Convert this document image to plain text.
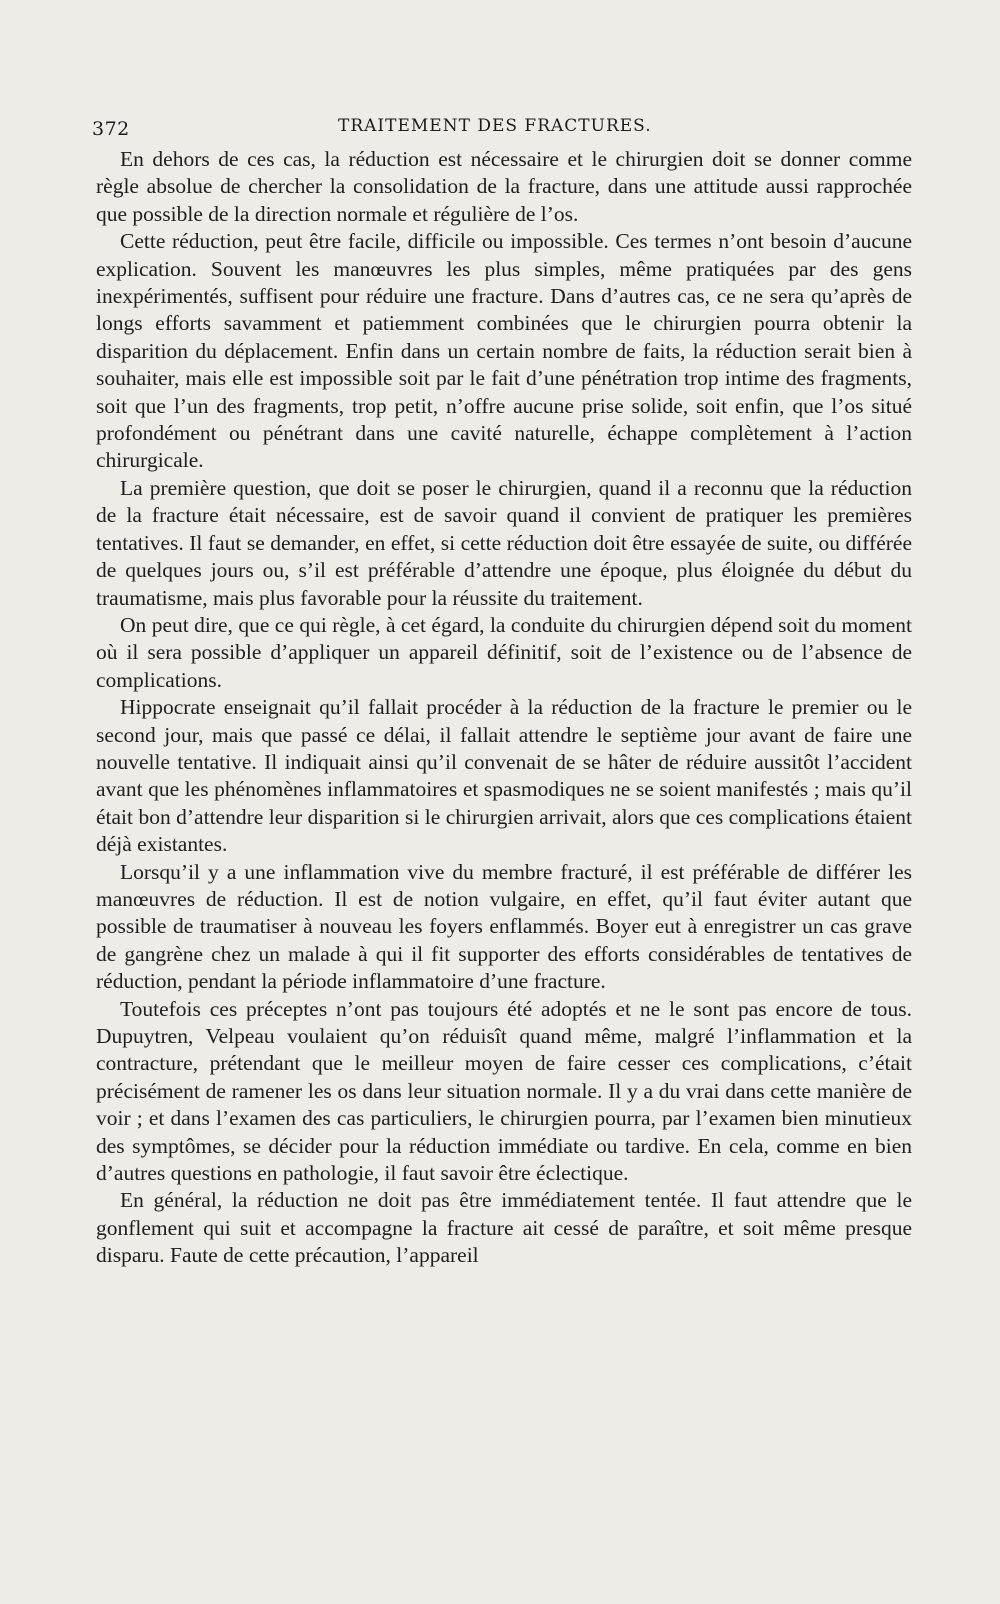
372	TRAITEMENT DES FRACTURES.

En dehors de ces cas, la réduction est nécessaire et le chirurgien doit se donner comme règle absolue de chercher la consolidation de la fracture, dans une attitude aussi rapprochée que possible de la direction normale et régulière de l’os.

Cette réduction, peut être facile, difficile ou impossible. Ces termes n’ont besoin d’aucune explication. Souvent les manœuvres les plus simples, même pratiquées par des gens inexpérimentés, suffisent pour réduire une fracture. Dans d’autres cas, ce ne sera qu’après de longs efforts savamment et patiemment combinées que le chirurgien pourra obtenir la disparition du déplacement. Enfin dans un certain nombre de faits, la réduction serait bien à souhaiter, mais elle est impossible soit par le fait d’une pénétration trop intime des fragments, soit que l’un des fragments, trop petit, n’offre aucune prise solide, soit enfin, que l’os situé profondément ou pénétrant dans une cavité naturelle, échappe complètement à l’action chirurgicale.

La première question, que doit se poser le chirurgien, quand il a reconnu que la réduction de la fracture était nécessaire, est de savoir quand il convient de pratiquer les premières tentatives. Il faut se demander, en effet, si cette réduction doit être essayée de suite, ou différée de quelques jours ou, s’il est préférable d’attendre une époque, plus éloignée du début du traumatisme, mais plus favorable pour la réussite du traitement.

On peut dire, que ce qui règle, à cet égard, la conduite du chirurgien dépend soit du moment où il sera possible d’appliquer un appareil définitif, soit de l’existence ou de l’absence de complications.

Hippocrate enseignait qu’il fallait procéder à la réduction de la fracture le premier ou le second jour, mais que passé ce délai, il fallait attendre le septième jour avant de faire une nouvelle tentative. Il indiquait ainsi qu’il convenait de se hâter de réduire aussitôt l’accident avant que les phénomènes inflammatoires et spasmodiques ne se soient manifestés ; mais qu’il était bon d’attendre leur disparition si le chirurgien arrivait, alors que ces complications étaient déjà existantes.

Lorsqu’il y a une inflammation vive du membre fracturé, il est préférable de différer les manœuvres de réduction. Il est de notion vulgaire, en effet, qu’il faut éviter autant que possible de traumatiser à nouveau les foyers enflammés. Boyer eut à enregistrer un cas grave de gangrène chez un malade à qui il fit supporter des efforts considérables de tentatives de réduction, pendant la période inflammatoire d’une fracture.

Toutefois ces préceptes n’ont pas toujours été adoptés et ne le sont pas encore de tous. Dupuytren, Velpeau voulaient qu’on réduisît quand même, malgré l’inflammation et la contracture, prétendant que le meilleur moyen de faire cesser ces complications, c’était précisément de ramener les os dans leur situation normale. Il y a du vrai dans cette manière de voir ; et dans l’examen des cas particuliers, le chirurgien pourra, par l’examen bien minutieux des symptômes, se décider pour la réduction immédiate ou tardive. En cela, comme en bien d’autres questions en pathologie, il faut savoir être éclectique.

En général, la réduction ne doit pas être immédiatement tentée. Il faut attendre que le gonflement qui suit et accompagne la fracture ait cessé de paraître, et soit même presque disparu. Faute de cette précaution, l’appareil
